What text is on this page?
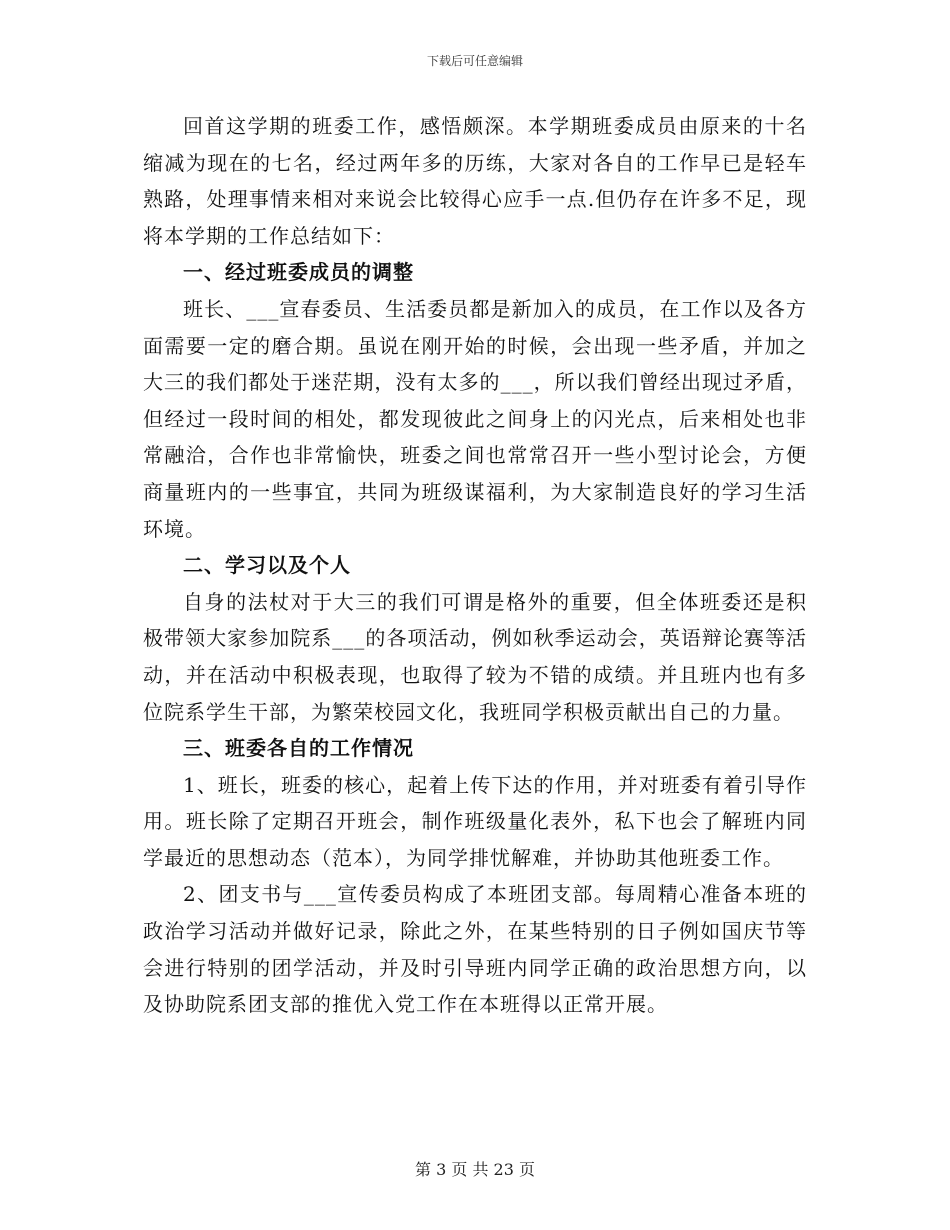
下载后可任意编辑

回首这学期的班委工作，感悟颇深。本学期班委成员由原来的十名缩减为现在的七名，经过两年多的历练，大家对各自的工作早已是轻车熟路，处理事情来相对来说会比较得心应手一点.但仍存在许多不足，现将本学期的工作总结如下：

一、经过班委成员的调整

班长、___宣春委员、生活委员都是新加入的成员，在工作以及各方面需要一定的磨合期。虽说在刚开始的时候，会出现一些矛盾，并加之大三的我们都处于迷茫期，没有太多的___，所以我们曾经出现过矛盾，但经过一段时间的相处，都发现彼此之间身上的闪光点，后来相处也非常融洽，合作也非常愉快，班委之间也常常召开一些小型讨论会，方便商量班内的一些事宜，共同为班级谋福利，为大家制造良好的学习生活环境。

二、学习以及个人

自身的法杖对于大三的我们可谓是格外的重要，但全体班委还是积极带领大家参加院系___的各项活动，例如秋季运动会，英语辩论赛等活动，并在活动中积极表现，也取得了较为不错的成绩。并且班内也有多位院系学生干部，为繁荣校园文化，我班同学积极贡献出自己的力量。

三、班委各自的工作情况

1、班长，班委的核心，起着上传下达的作用，并对班委有着引导作用。班长除了定期召开班会，制作班级量化表外，私下也会了解班内同学最近的思想动态（范本），为同学排忧解难，并协助其他班委工作。

2、团支书与___宣传委员构成了本班团支部。每周精心准备本班的政治学习活动并做好记录，除此之外，在某些特别的日子例如国庆节等会进行特别的团学活动，并及时引导班内同学正确的政治思想方向，以及协助院系团支部的推优入党工作在本班得以正常开展。

第 3 页 共 23 页
